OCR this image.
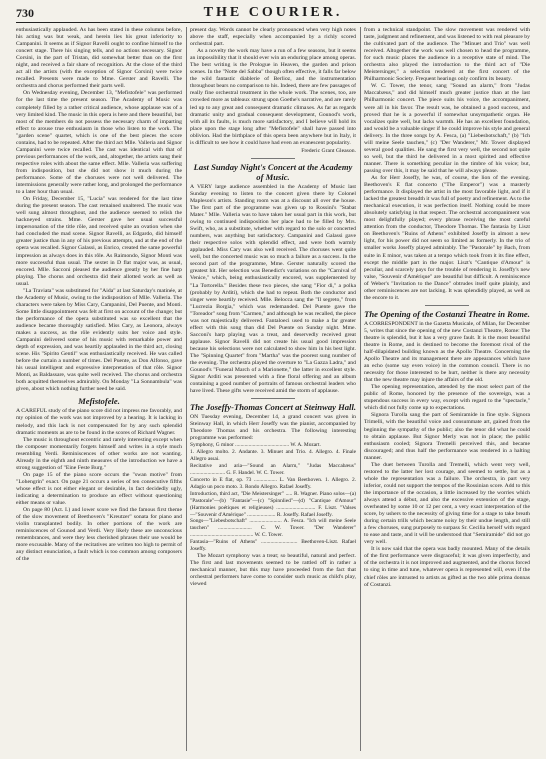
730	THE COURIER.

enthusiastically applauded. As has been stated in these columns before, his acting was but weak, and herein lies his great inferiority to Campanini. It seems as if Signor Ravelli ought to confine himself to the concert stage. There his singing tells, and no actions necessary. Signor Corsini, in the part of Tristan, did somewhat better than on the first night, and received a fair share of recognition. At the close of the third act all the artists (with the exception of Signor Corsini) were twice recalled. Presents were made to Mme. Gerster and Ravelli. The orchestra and chorus performed their parts well.

On Wednesday evening, December 13, "Mefistofele" was performed for the last time the present season. The Academy of Music was completely filled by a rather critical audience, whose applause was of a very limited kind. The music in this opera is here and there beautiful, but most of the members do not possess the necessary charm of imparting effect to arouse true enthusiasm in those who listen to the work. The "garden scene" quartet, which is one of the best pieces the score contains, had to be repeated. After the third act Mlle. Valleria and Signor Campanini were twice recalled. The cast was identical with that of previous performances of the work, and, altogether, the artists sang their respective roles with about the same effect. Mlle. Valleria was suffering from indisposition, but she did not show it much during the performance. Some of the choruses were not well delivered. The intermissions generally were rather long, and prolonged the performance to a later hour than usual.

On Friday, December 15, "Lucia" was rendered for the last time during the present season. The cast remained unaltered. The music was well sung almost throughout, and the audience seemed to relish the hackneyed strains. Mme. Gerster gave her usual successful impersonation of the title rôle, and received quite an ovation when she had concluded the mad scene. Signor Ravelli, as Edgardo, did himself greater justice than in any of his previous attempts, and at the end of the opera was recalled. Signor Galassi, as Enrico, created the same powerful impression as always does in this rôle. As Raimondo, Signor Monti was more successful than usual. The sextet in D flat major was, as usual, encored. Mlle. Sacconi pleased the audience greatly by her fine harp playing. The chorus and orchestra did their allotted work as well as usual.

"La Traviata" was substituted for "Aida" at last Saturday's matinée, at the Academy of Music, owing to the indisposition of Mlle. Valleria. The characters were taken by Miss Cary, Campanini, Del Puente, and Monti. Some little disappointment was felt at first on account of the change; but the performance of the opera substituted was so excellent that the audience became thoroughly satisfied. Miss Cary, as Leonora, always makes a success, as the rôle evidently suits her voice and style. Campanini delivered some of his music with remarkable power and depth of expression, and was heartily applauded in the third act, closing scene. His "Spirito Gentil" was enthusiastically received. He was called before the curtain a number of times. Del Puente, as Don Alfonso, gave his usual intelligent and expressive interpretation of that rôle. Signor Monti, as Baldassare, was quite well received. The chorus and orchestra both acquitted themselves admirably. On Monday "La Sonnambula" was given, about which nothing further need be said.

Mefistofele.

A CAREFUL study of the piano score did not impress me favorably, and my opinion of the work was not improved by a hearing. It is lacking in melody, and this lack is not compensated for by any such splendid dramatic moments as are to be found in the scores of Richard Wagner.

The music is throughout eccentric and rarely interesting except when the composer momentarily forgets himself and writes in a style much resembling Verdi. Reminiscences of other works are not wanting. Already in the eighth and ninth measures of the introduction we have a strong suggestion of "Eine Feste Burg."

On page 15 of the piano score occurs the "swan motive" from "Lohengrin" exact. On page 21 occurs a series of ten consecutive fifths whose effect is not either elegant or desirable, in fact decidedly ugly, indicating a determination to produce an effect without questioning either means or value.

On page 80 (Act. I.) and lower score we find the famous first theme of the slow movement of Beethoven's "Kreutzer" sonata for piano and violin transplanted bodily. In other portions of the work are reminiscences of Gounod and Verdi. Very likely these are unconscious remembrances, and were they less cherished phrases their use would be more excusable. Many of the recitatives are written too high to permit of any distinct enunciation, a fault which is too common among composers of the

present day. Words cannot be clearly pronounced when very high notes above the staff, especially when accompanied by a richly scored orchestral part.

As a novelty the work may have a run of a few seasons, but it seems an impossibility that it should ever win an enduring place among operas. The best writing is the Prologue in Heaven, the garden and prison scenes. In the "Notte del Sabba" though often effective, it falls far below the wild fantastic diablerie of Berlioz, and the instrumentation throughout bears no comparison to his. Indeed, there are few passages of really fine orchestral treatment in the whole work. The scenes, too, are crowded more as tableaux strung upon Goethe's narrative, and are rarely led up to any great and consequent dramatic climaxes. As far as regards dramatic unity and gradual consequent development, Gounod's work, with all its faults, is much more satisfactory, and I believe will hold its place upon the stage long after "Mefistofele" shall have passed into oblivion. Had the birthplace of this opera been anywhere but in Italy, it is difficult to see how it could have had even an evanescent popularity.

Frederic Grant Gleason.

Last Sunday Night's Concert at the Academy of Music.

A VERY large audience assembled in the Academy of Music last Sunday evening to listen to the concert given there by Colonel Mapleson's artists. Standing room was at a discount all over the house. The first part of the programme was given up to Rossini's "Stabat Mater." Mlle. Valleria was to have taken her usual part in this work, but owing to continued indisposition her place had to be filled by Mrs. Swift, who, as a substitute, whether with regard to the solo or concerted numbers, was anything but satisfactory. Campanini and Galassi gave their respective solos with splendid effect, and were both warmly applauded. Miss Cary was also well received. The choruses went quite well, but the concerted music was so much a failure as a success. In the second part of the programme, Mme. Gerster naturally scored the greatest hit. Her selection was Benedict's variations on the "Carnival of Venice," which, being enthusiastically encored, was supplemented by "La Tortorella." Besides these two pieces, she sang "Fior di," a polka (probably by Arditi), which she had to repeat. Both the conductor and singer were heartily received. Mlle. Belocca sang the "Il segreto," from "Lucrezia Borgia," which was redemanded. Del Puente gave the "Toreador" song from "Carmen," and although he was recalled, the piece was not majestically delivered. Fantaloeci used to make a far greater effect with this song than did Del Puente on Sunday night. Mme. Sacconi's harp playing was a treat, and deservedly received great applause. Signor Ravelli did not create his usual good impression because his selections were not calculated to show him in his best light. The "Spinning Quartet" from "Martha" was the poorest sung number of the evening. The orchestra played the overture to "La Gazza Ladra," and Gounod's "Funeral March of a Marionette," the latter in excellent style. Signor Arditi was presented with a fine floral offering and an album containing a good number of portraits of famous orchestral leaders who have lived. These gifts were received amid the storm of applause.

The Joseffy-Thomas Concert at Steinway Hall.

ON Tuesday evening, December 14, a grand concert was given in Steinway Hall, in which Herr Joseffy was the pianist, accompanied by Theodore Thomas and his orchestra. The following interesting programme was performed:

Symphony, G minor ........................................ W. A. Mozart.

1. Allegro molto. 2. Andante. 3. Minuet and Trio. 4. Allegro. 4. Finale Allegro assai.

Recitative and aria—"Sound an Alarm," "Judas Maccabæus" .......................... G. F. Handel. W. C. Tower.

Concerto in E flat, op. 73 ................. L. Van Beethoven. 1. Allegro. 2. Adagio un poco moto. 3. Rondo Allegro. Rafael Joseffy.

Introduction, third act, "Die Meistersinger" ..... R. Wagner. Piano solos—(a) "Pastorale"—(b) "Fantasie"—(c) "Spinnlied"—(d) "Cantique d'Amour" (Harmonies poétiques et religieuses) ............................. F. Liszt. "Valses—"Souvenir d'Amérique" ..................... R. Joseffy. Rafael Joseffy.

Songs—"Liebesbotschaft" ........................ A. Fesca. "Ich will meine Seele tauchen" ......................... C. W. Tower. "Der Wanderer" ............................................... W. C. Tower.

Fantasia—"Ruins of Athens" ........................... Beethoven-Liszt. Rafael Joseffy.

The Mozart symphony was a treat; so beautiful, natural and perfect. The first and last movements seemed to be rattled off in rather a mechanical manner, but this may have proceeded from the fact that orchestral performers have come to consider such music as child's play, viewed

from a technical standpoint. The slow movement was rendered with taste, judgment and refinement, and was listened to with real pleasure by the cultivated part of the audience. The "Minuet and Trio" was well received. Altogether the work was well chosen to head the programme, for such music places the audience in a receptive state of mind. The orchestra also played the introduction to the third act of "Die Meistersinger," a selection rendered at the first concert of the Philharmonic Society. Frequent hearings only confirm its beauty.

W. C. Tower, the tenor, sang "Sound an alarm," from "Judas Maccabæus," and did himself much greater justice than at the last Philharmonic concert. The piece suits his voice, the accompaniment, were all in his favor. The result was, he obtained a good success, and proved that he is a powerful if somewhat unsympathetic organ. He vocalizes quite well, but lacks warmth. He has an excellent foundation, and would be a valuable singer if he could improve his style and general delivery. In the three songs by A. Fesca, (a) "Liebesbotschaft," (b) "Ich will meine Seele tauchen," (c) "Der Wanderer," Mr. Tower displayed several good qualities. He sang the first very well, the second not quite so well, but the third he delivered in a most spirited and effective manner. There is something peculiar in the timbre of his voice; but, passing over this, it may be said that he will always please.

As for Herr Joseffy, he was, of course, the lion of the evening. Beethoven's E flat concerto ("The Emperor") was a masterly performance. It displayed the artist in the most favorable light, and if it lacked the greatest breadth it was full of poetry and refinement. As to the mechanical execution, it was perfection itself. Nothing could be more absolutely satisfying in that respect. The orchestral accompaniment was most delightfully played; every phrase receiving the most careful attention from the conductor, Theodore Thomas. The fantasia by Liszt on Beethoven's "Ruins of Athens" exhibited Joseffy in almost a new light, for his power did not seem so limited as formerly. In the trio of smaller works Joseffy played admirably. The "Pastorale" by Bach, from suite in E minor, was taken at a tempo which took from it its fine effect, except the middle part in the major. Liszt's "Cantique d'Amour" is peculiar, and scarcely pays for the trouble of rendering it. Joseffy's new valse, "Souvenir d'Amérique" are beautiful but difficult. A reminiscence of Weber's "Invitation to the Dance" obtrudes itself quite plainly, and other reminiscences are not lacking. It was splendidly played, as well as the encore to it.

The Opening of the Costanzi Theatre in Rome.

A CORRESPONDENT in the Gazetta Musicale, of Milan, for December 5, writes that since the opening of the new Costanzi Theatre, Rome: The theatre is splendid, but it has a very grave fault. It is the most beautiful theatre in Rome, and is destined to become the foremost rival of the half-dilapidated building known as the Apollo Theatre. Concerning the Apollo Theatre and its management there are appearances which have an echo (some say even voice) in the common council. There is no necessity for those interested to be hurt, neither is there any necessity that the new theatre may injure the affairs of the old.

The opening representation, attended by the most select part of the public of Rome, honored by the presence of the sovereign, was a stupendous success in every way, except with regard to the "spectacle," which did not fully come up to expectations.

Signora Turolla sang the part of Semiramide in fine style. Signora Trimelli, with the beautiful voice and consummate art, gained from the beginning the sympathy of the public; also the tenor did what he could to obtain applause. But Signor Merly was not in place; the public enthusiasm cooled; Signora Tremelli perceived this, and became discouraged; and thus half the performance was rendered in a halting manner.

The duet between Turolla and Tremelli, which went very well, restored to the latter her lost courage, and seemed to settle, but as a whole the representation was a failure. The orchestra, in part very inferior, could not support the tempos of the Rossinian score. Add to this the importance of the occasion, a little increased by the worries which always attend a début, and also the excessive extension of the stage, overheated by some 10 or 12 per cent, a very exact interpretation of the score, by ushers to the necessity of giving time for a stage to take breath during certain trills which became noisy by their undue length, and still a few choruses, sung purposely to surpass Sr. Cecilia herself with regard to ease and taste, and it will be understood that "Semiramide" did not go very well.

It is now said that the opera was badly mounted. Many of the details of the first performance were disgraceful; it was given imperfectly, and of the orchestra it is not improved and augmented, and the chorus forced to sing in time and tune, whatever opera is represented will, even if the chief rôles are intrusted to artists as gifted as the two able prima donnas of Costanzi.
